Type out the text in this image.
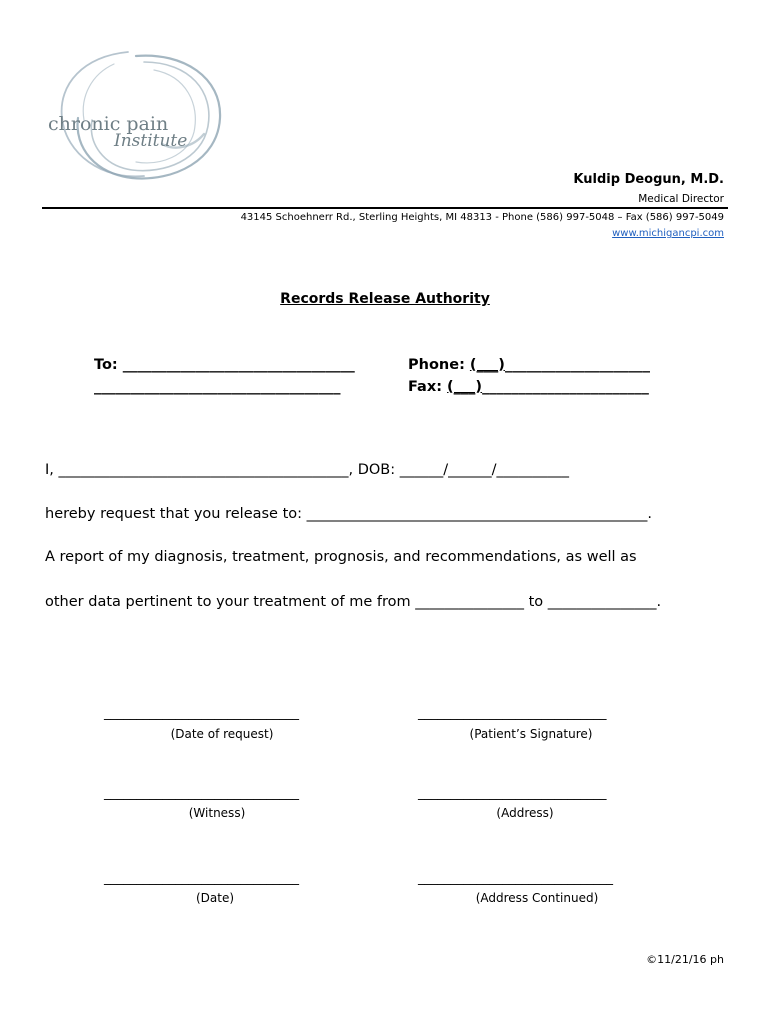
chronic pain
Institute
Kuldip Deogun, M.D.
Medical Director
43145 Schoehnerr Rd., Sterling Heights, MI 48313 - Phone (586) 997-5048 – Fax (586) 997-5049
www.michigancpi.com
Records Release Authority
To: ________________________________
__________________________________
Phone: (___)____________________
Fax: (___)_______________________
I, ________________________________________, DOB: ______/______/__________
hereby request that you release to: _______________________________________________.
A report of my diagnosis, treatment, prognosis, and recommendations, as well as
other data pertinent to your treatment of me from _______________ to _______________.
______________________________
(Date of request)
_____________________________
(Patient’s Signature)
______________________________
(Witness)
_____________________________
(Address)
______________________________
(Date)
______________________________
(Address Continued)
©11/21/16 ph
